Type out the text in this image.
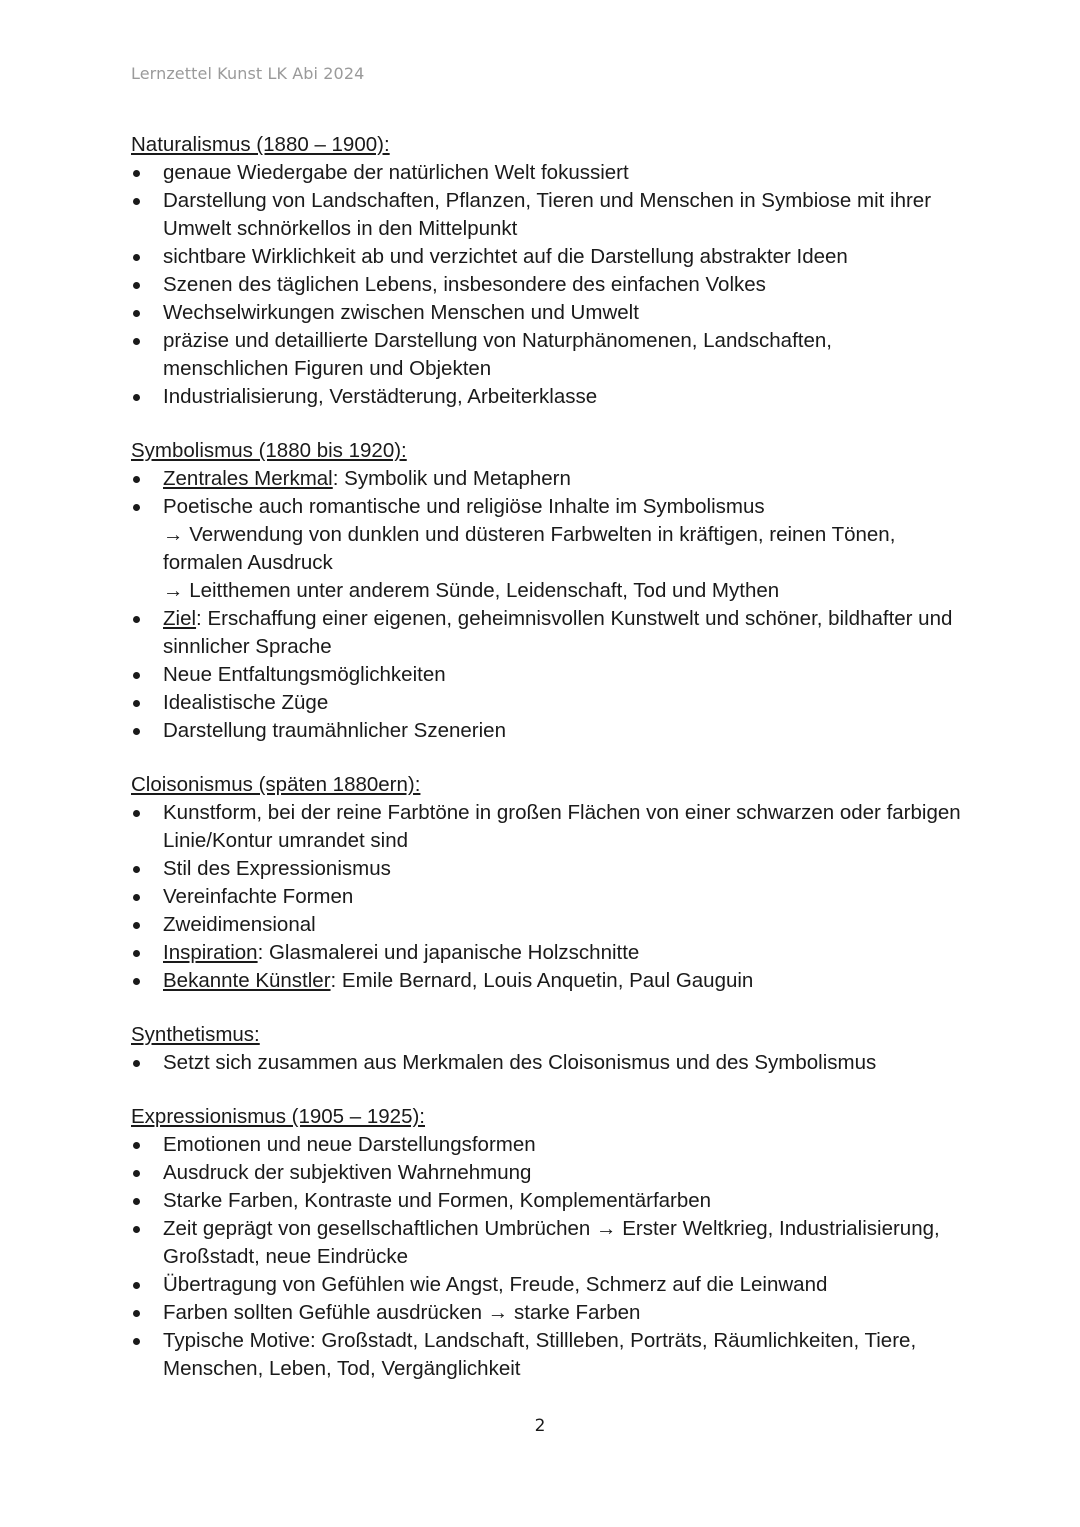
Lernzettel Kunst LK Abi 2024
Naturalismus (1880 – 1900):
genaue Wiedergabe der natürlichen Welt fokussiert
Darstellung von Landschaften, Pflanzen, Tieren und Menschen in Symbiose mit ihrer Umwelt schnörkellos in den Mittelpunkt
sichtbare Wirklichkeit ab und verzichtet auf die Darstellung abstrakter Ideen
Szenen des täglichen Lebens, insbesondere des einfachen Volkes
Wechselwirkungen zwischen Menschen und Umwelt
präzise und detaillierte Darstellung von Naturphänomenen, Landschaften, menschlichen Figuren und Objekten
Industrialisierung, Verstädterung, Arbeiterklasse
Symbolismus (1880 bis 1920):
Zentrales Merkmal: Symbolik und Metaphern
Poetische auch romantische und religiöse Inhalte im Symbolismus
→ Verwendung von dunklen und düsteren Farbwelten in kräftigen, reinen Tönen, formalen Ausdruck
→ Leitthemen unter anderem Sünde, Leidenschaft, Tod und Mythen
Ziel: Erschaffung einer eigenen, geheimnisvollen Kunstwelt und schöner, bildhafter und sinnlicher Sprache
Neue Entfaltungsmöglichkeiten
Idealistische Züge
Darstellung traumähnlicher Szenerien
Cloisonismus (späten 1880ern):
Kunstform, bei der reine Farbtöne in großen Flächen von einer schwarzen oder farbigen Linie/Kontur umrandet sind
Stil des Expressionismus
Vereinfachte Formen
Zweidimensional
Inspiration: Glasmalerei und japanische Holzschnitte
Bekannte Künstler: Emile Bernard, Louis Anquetin, Paul Gauguin
Synthetismus:
Setzt sich zusammen aus Merkmalen des Cloisonismus und des Symbolismus
Expressionismus (1905 – 1925):
Emotionen und neue Darstellungsformen
Ausdruck der subjektiven Wahrnehmung
Starke Farben, Kontraste und Formen, Komplementärfarben
Zeit geprägt von gesellschaftlichen Umbrüchen → Erster Weltkrieg, Industrialisierung, Großstadt, neue Eindrücke
Übertragung von Gefühlen wie Angst, Freude, Schmerz auf die Leinwand
Farben sollten Gefühle ausdrücken → starke Farben
Typische Motive: Großstadt, Landschaft, Stillleben, Porträts, Räumlichkeiten, Tiere, Menschen, Leben, Tod, Vergänglichkeit
2
